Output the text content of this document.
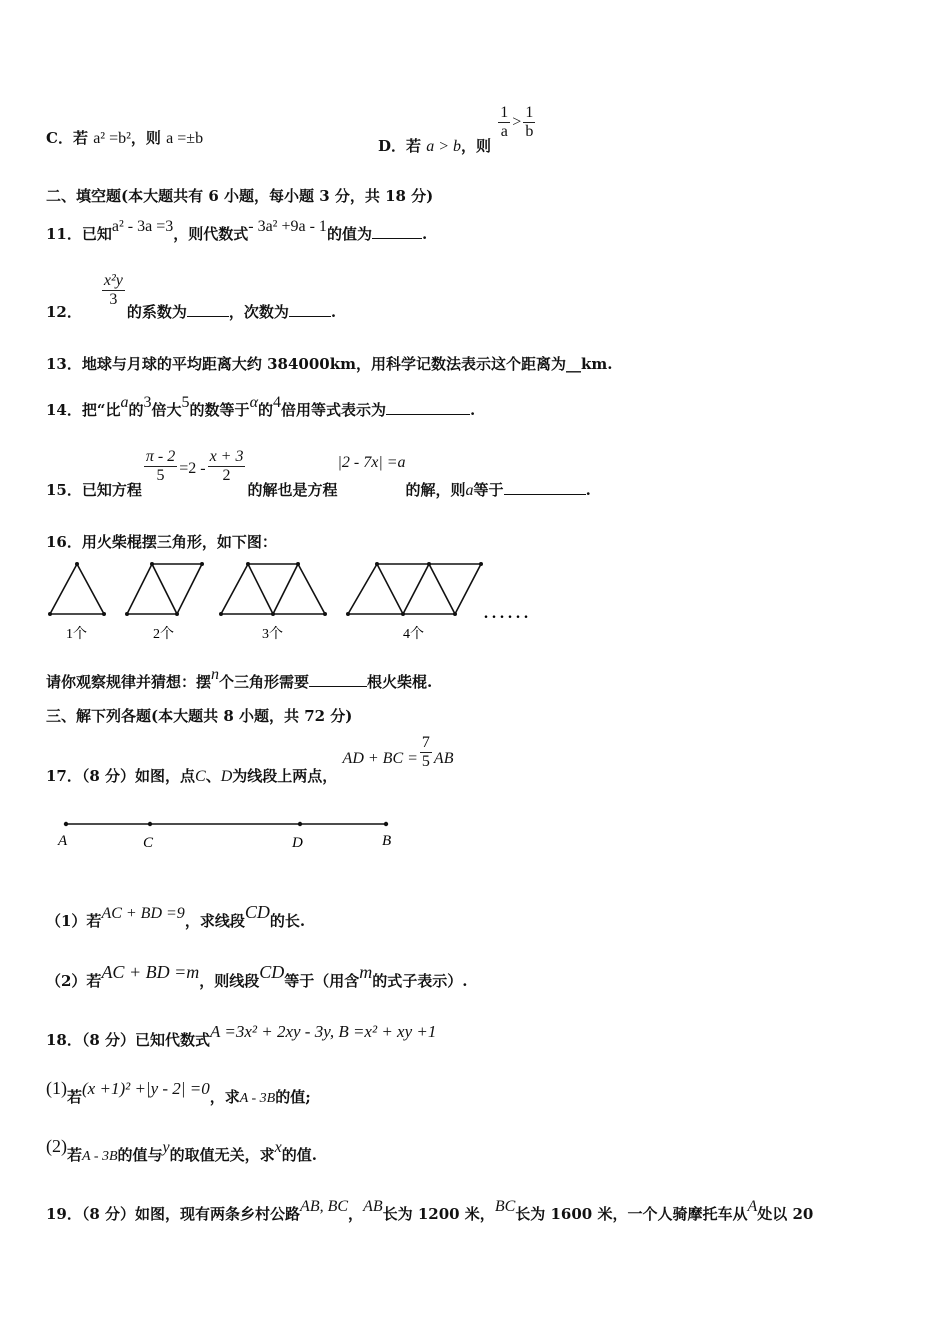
C．若 a² =b²，则 a =±b	D．若 a > b，则
$\frac{1}{a} > \frac{1}{b}$
二、填空题(本大题共有 6 小题，每小题 3 分，共 18 分)
11．已知a² - 3a =3，则代数式- 3a² +9a - 1的值为	.
12．
$\frac{\text{x²y}}{3}$
的系数为	，次数为	.
13．地球与月球的平均距离大约 384000km，用科学记数法表示这个距离为__km.
14．把“比a的3倍大5的数等于α的4倍用等式表示为	.
15．已知方程
$\frac{\pi - 2}{5} =2 - \frac{x + 3}{2}$
的解也是方程|2 - 7x| =a的解，则a等于	.
16．用火柴棍摆三角形，如下图：
1个	2个	3个	4个
. . . . . .
请你观察规律并猜想：摆n个三角形需要	根火柴棍.
三、解下列各题(本大题共 8 小题，共 72 分)
17．（8 分）如图，点C、D为线段上两点， AD + BC = $\frac{7}{5}$ AB
A	C	D	B
（1）若AC + BD =9，求线段CD的长.
（2）若AC + BD =m，则线段CD等于（用含m的式子表示）.
18．（8 分）已知代数式A =3x² + 2xy - 3y, B =x² + xy +1
(1)若(x +1)² +|y - 2| =0，求A - 3B的值;
(2)若A - 3B的值与y的取值无关，求x的值.
19．（8 分）如图，现有两条乡村公路AB, BC，AB长为 1200 米，BC长为 1600 米，一个人骑摩托车从A处以 20
